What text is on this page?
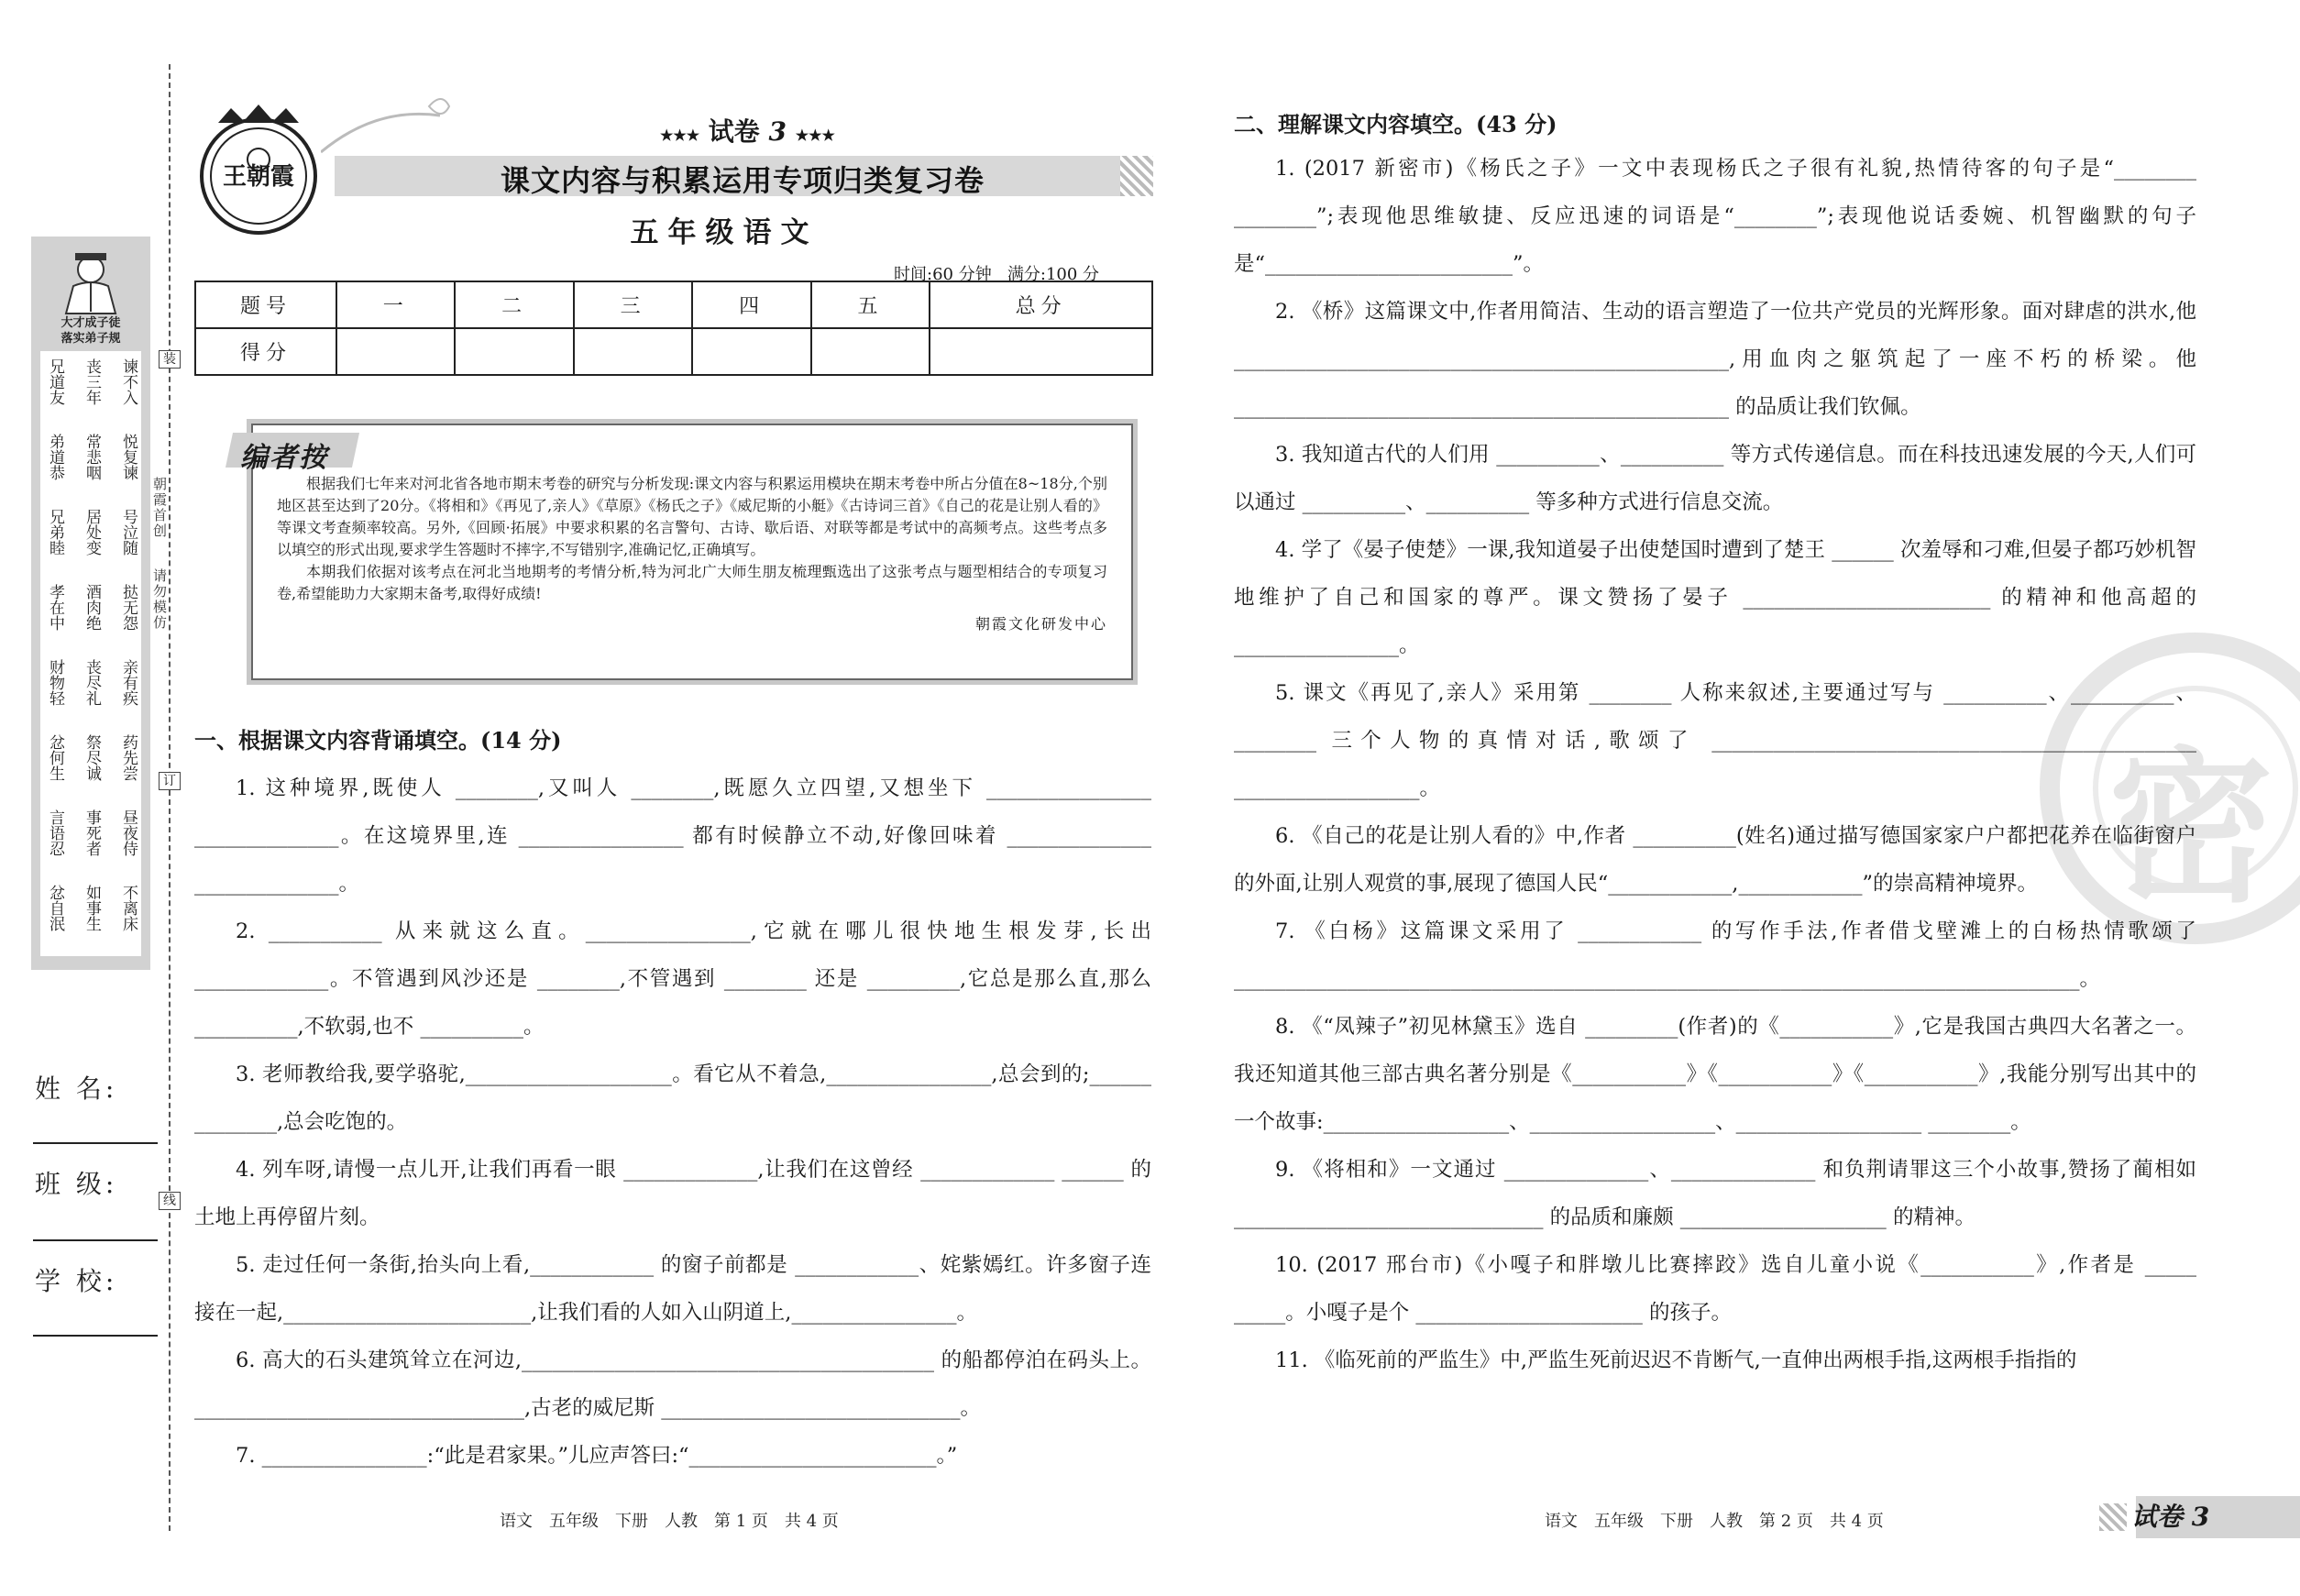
装
订
线
朝霞首创
请勿模仿
大才成子徒
落实弟子规
兄道友 丧三年 谏不入
弟道恭 常悲咽 悦复谏
兄弟睦 居处变 号泣随
孝在中 酒肉绝 挞无怨
财物轻 丧尽礼 亲有疾
忿何生 祭尽诚 药先尝
言语忍 事死者 昼夜侍
忿自泯 如事生 不离床
姓 名:
班 级:
学 校:
王朝霞
★★★ 试卷 3 ★★★
课文内容与积累运用专项归类复习卷
五年级语文
时间:60 分钟 满分:100 分
题号	一	二	三	四	五	总分
得分						

根据我们七年来对河北省各地市期末考卷的研究与分析发现:课文内容与积累运用模块在期末考卷中所占分值在8~18分,个别地区甚至达到了20分。《将相和》《再见了,亲人》《草原》《杨氏之子》《威尼斯的小艇》《古诗词三首》《自己的花是让别人看的》等课文考查频率较高。另外,《回顾·拓展》中要求积累的名言警句、古诗、歇后语、对联等都是考试中的高频考点。这些考点多以填空的形式出现,要求学生答题时不摔字,不写错别字,准确记忆,正确填写。

本期我们依据对该考点在河北当地期考的考情分析,特为河北广大师生朋友梳理甄选出了这张考点与题型相结合的专项复习卷,希望能助力大家期末备考,取得好成绩!

朝霞文化研发中心
编者按
一、根据课文内容背诵填空。(14 分)

1. 这种境界,既使人 ________,又叫人 ________,既愿久立四望,又想坐下 ________________ ______________。在这境界里,连 ________________ 都有时候静立不动,好像回味着 ______________ ______________。

2. ___________ 从来就这么直。________________,它就在哪儿很快地生根发芽,长出 _____________。不管遇到风沙还是 ________,不管遇到 ________ 还是 _________,它总是那么直,那么 __________,不软弱,也不 __________。

3. 老师教给我,要学骆驼,____________________。看它从不着急,________________,总会到的;______ ________,总会吃饱的。

4. 列车呀,请慢一点儿开,让我们再看一眼 _____________,让我们在这曾经 _____________ ______ 的土地上再停留片刻。

5. 走过任何一条街,抬头向上看,____________ 的窗子前都是 ____________、姹紫嫣红。许多窗子连接在一起,________________________,让我们看的人如入山阴道上,________________。

6. 高大的石头建筑耸立在河边,________________________________________ 的船都停泊在码头上。________________________________,古老的威尼斯 _____________________________。

7. ________________:“此是君家果。”儿应声答曰:“________________________。”

语文　五年级　下册　人教　第 1 页　共 4 页
密
二、理解课文内容填空。(43 分)

1. (2017 新密市)《杨氏之子》一文中表现杨氏之子很有礼貌,热情待客的句子是“________ ________”;表现他思维敏捷、反应迅速的词语是“________”;表现他说话委婉、机智幽默的句子是“________________________”。

2. 《桥》这篇课文中,作者用简洁、生动的语言塑造了一位共产党员的光辉形象。面对肆虐的洪水,他 ________________________________________________,用血肉之躯筑起了一座不朽的桥梁。他 ________________________________________________ 的品质让我们钦佩。

3. 我知道古代的人们用 __________、__________ 等方式传递信息。而在科技迅速发展的今天,人们可以通过 __________、__________ 等多种方式进行信息交流。

4. 学了《晏子使楚》一课,我知道晏子出使楚国时遭到了楚王 ______ 次羞辱和刁难,但晏子都巧妙机智地维护了自己和国家的尊严。课文赞扬了晏子 ________________________ 的精神和他高超的 ________________。

5. 课文《再见了,亲人》采用第 ________ 人称来叙述,主要通过写与 __________、__________、 ________ 三个人物的真情对话,歌颂了 _______________________________________________ __________________。

6. 《自己的花是让别人看的》中,作者 __________(姓名)通过描写德国家家户户都把花养在临街窗户的外面,让别人观赏的事,展现了德国人民“____________,____________”的崇高精神境界。

7. 《白杨》这篇课文采用了 ____________ 的写作手法,作者借戈壁滩上的白杨热情歌颂了 __________________________________________________________________________________。

8. 《“凤辣子”初见林黛玉》选自 _________(作者)的《___________》,它是我国古典四大名著之一。我还知道其他三部古典名著分别是《___________》《___________》《___________》,我能分别写出其中的一个故事:__________________、__________________、__________________ ________。

9. 《将相和》一文通过 ______________、______________ 和负荆请罪这三个小故事,赞扬了蔺相如 ______________________________ 的品质和廉颇 ____________________ 的精神。

10. (2017 邢台市)《小嘎子和胖墩儿比赛摔跤》选自儿童小说《___________》,作者是 _____ _____。小嘎子是个 ______________________ 的孩子。

11. 《临死前的严监生》中,严监生死前迟迟不肯断气,一直伸出两根手指,这两根手指指的

语文　五年级　下册　人教　第 2 页　共 4 页	试卷 3
